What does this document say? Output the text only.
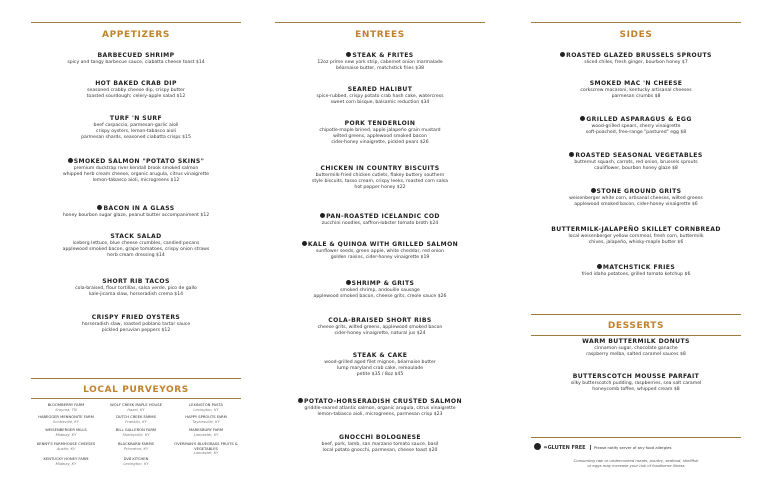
APPETIZERS	ENTREES	SIDES
LOCAL PURVEYORS
DESSERTS
BARBECUED SHRIMP
spicy and tangy barbecue sauce, ciabatta cheese toast $14
HOT BAKED CRAB DIP
seasoned crabby cheese dip, crispy butter
toasted sourdough; celery-apple salad $12
TURF 'N SURF
beef carpaccio, parmesan-garlic aioli
crispy oysters, lemon-tabasco aioli
parmesan shards, seasoned ciabatta crisps $15
SMOKED SALMON "POTATO SKINS"
premium ducktrap river kendall brook smoked salmon
whipped herb cream cheese, organic arugula, citrus vinaigrette
lemon-tabasco aioli, microgreens $12
BACON IN A GLASS
honey bourbon sugar glaze, peanut butter accompaniment $12
STACK SALAD
iceberg lettuce, blue cheese crumbles, candied pecans
applewood smoked bacon, grape tomatoes, crispy onion straws
herb cream dressing $14
SHORT RIB TACOS
cola-braised, flour tortillas, salsa verde, pico de gallo
kale-jicama slaw, horseradish crema $14
CRISPY FRIED OYSTERS
horseradish slaw, roasted poblano tartar sauce
pickled peruvian peppers $12
STEAK & FRITES
12oz prime new york strip, cabernet onion marmalade
béarnaise butter, matchstick fries $38
SEARED HALIBUT
spice-rubbed, crispy potato crab hash cake, watercress
sweet corn bisque, balsamic reduction $34
PORK TENDERLOIN
chipotle-maple brined, apple jalapeño grain mustard
wilted greens, applewood smoked bacon
cider-honey vinaigrette, pickled pears $26
CHICKEN IN COUNTRY BISCUITS
buttermilk-fried chicken cutlets, flakey buttery southern
style biscuits, tasso cream, crispy leeks, roasted corn salsa
hot pepper honey $22
PAN-ROASTED ICELANDIC COD
zucchini noodles, saffron-lobster tomato broth $24
KALE & QUINOA WITH GRILLED SALMON
sunflower seeds, green apple, white cheddar, red onion
golden raisins, cider-honey vinaigrette $19
SHRIMP & GRITS
smoked shrimp, andouille sausage
applewood smoked bacon, cheese grits, creole sauce $26
COLA-BRAISED SHORT RIBS
cheese grits, wilted greens, applewood smoked bacon
cider-honey vinaigrette, natural jus $24
STEAK & CAKE
wood-grilled aged filet mignon, béarnaise butter
lump maryland crab cake, remoulade
petite $35 / 8oz $45
POTATO-HORSERADISH CRUSTED SALMON
griddle-seared atlantic salmon, organic arugula, citrus vinaigrette
lemon-tabasco aioli, microgreens, parmesan crisp $23
GNOCCHI BOLOGNESE
beef, pork, lamb, san marzano tomato sauce, basil
local potato gnocchi, parmesan, cheese toast $20
ROASTED GLAZED BRUSSELS SPROUTS
sliced chiles, fresh ginger, bourbon honey $7
SMOKED MAC 'N CHEESE
corkscrew macaroni, kentucky artisanal cheeses
parmesan crumbs $8
GRILLED ASPARAGUS & EGG
wood-grilled spears, sherry vinaigrette
soft-poached, free-range "pastured" egg $8
ROASTED SEASONAL VEGETABLES
butternut squash, carrots, red onion, brussels sprouts
cauliflower, bourbon honey glaze $8
STONE GROUND GRITS
weisenberger white corn, artisanal cheeses, wilted greens
applewood smoked bacon, cider-honey vinaigrette $6
BUTTERMILK-JALAPEÑO SKILLET CORNBREAD
local weisenberger yellow cornmeal, fresh corn, buttermilk
chives, jalapeño, whisky-maple butter $6
MATCHSTICK FRIES
fried idaho potatoes, grilled tomato ketchup $6
WARM BUTTERMILK DONUTS
cinnamon sugar, chocolate ganache
raspberry melba, salted caramel sauces $8
BUTTERSCOTCH MOUSSE PARFAIT
silky butterscotch pudding, raspberries, sea salt caramel
honeycomb toffee, whipped cream $8
BLOOMBERRY FARM
Smyrna, TN
WOLF CREEK MAPLE HOUSE
Hazel, KY
LEXINGTON PASTA
Lexington, KY
HABEGGER MENNONITE FARM
Scottsville, KY
DUTCH CREEK FARMS
Franklin, KY
HAPPY SPROUTS FARM
Taylorsville, KY
WEISENBERGER MILLS
Midway, KY
BILL GALLERON FARM
Shelbyville, KY
MARKSBURY FARM
Lancaster, KY
KENNY'S FARMHOUSE CHEESES
Austin, KY
BLACKBARN FARMS
Princeton, KY
OVERMAN'S BLUEGRASS FRUITS & VEGETABLES
Lancaster, KY
KENTUCKY HONEY FARM
Midway, KY
DV8 KITCHEN
Lexington, KY
=GLUTEN FREE Please notify server of any food allergies
Consuming raw or undercooked meats, poultry, seafood, shellfish
or eggs may increase your risk of foodborne illness
